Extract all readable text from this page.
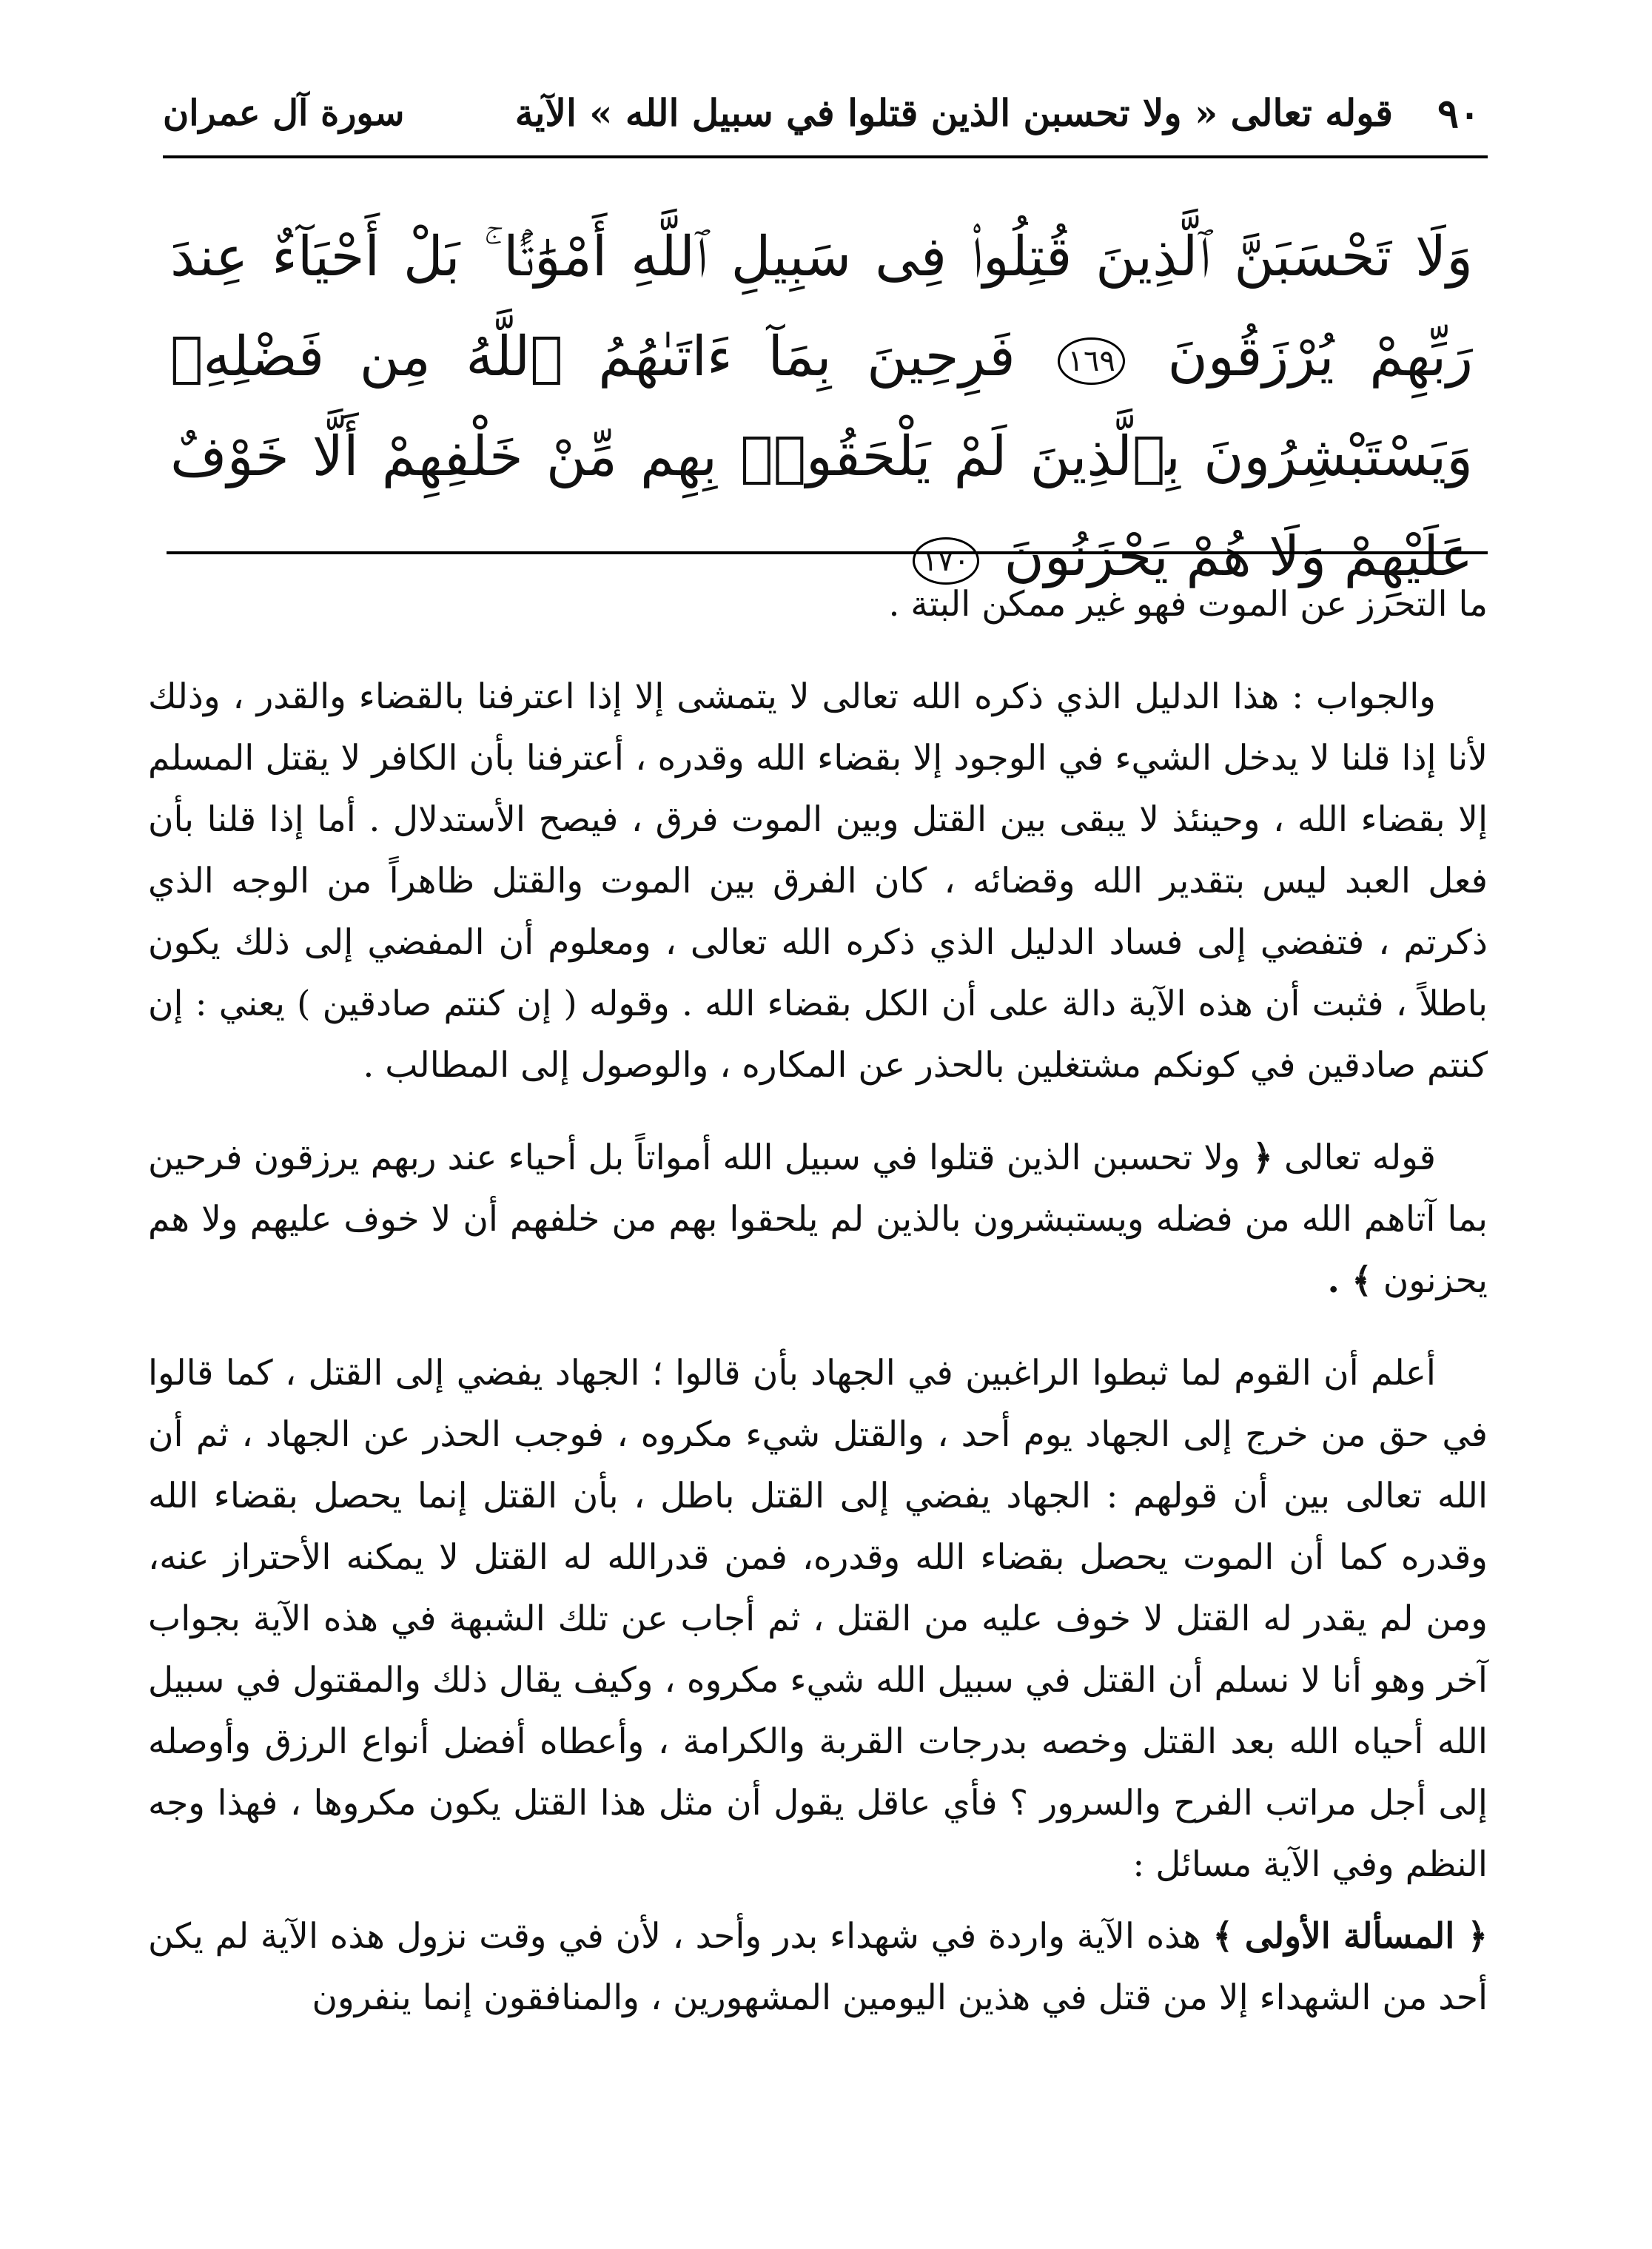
٩٠
قوله تعالى « ولا تحسبن الذين قتلوا في سبيل الله » الآية
سورة آل عمران
وَلَا تَحْسَبَنَّ ٱلَّذِينَ قُتِلُوا۟ فِى سَبِيلِ ٱللَّهِ أَمْوَٰتًۢا ۚ بَلْ أَحْيَآءٌ عِندَ رَبِّهِمْ يُرْزَقُونَ ١٦٩ فَرِحِينَ بِمَآ ءَاتَىٰهُمُ ٱللَّهُ مِن فَضْلِهِۦ وَيَسْتَبْشِرُونَ بِٱلَّذِينَ لَمْ يَلْحَقُوا۟ بِهِم مِّنْ خَلْفِهِمْ أَلَّا خَوْفٌ عَلَيْهِمْ وَلَا هُمْ يَحْزَنُونَ ١٧٠

ما التحرز عن الموت فهو غير ممكن البتة .

والجواب : هذا الدليل الذي ذكره الله تعالى لا يتمشى إلا إذا اعترفنا بالقضاء والقدر ، وذلك لأنا إذا قلنا لا يدخل الشيء في الوجود إلا بقضاء الله وقدره ، أعترفنا بأن الكافر لا يقتل المسلم إلا بقضاء الله ، وحينئذ لا يبقى بين القتل وبين الموت فرق ، فيصح الأستدلال . أما إذا قلنا بأن فعل العبد ليس بتقدير الله وقضائه ، كان الفرق بين الموت والقتل ظاهراً من الوجه الذي ذكرتم ، فتفضي إلى فساد الدليل الذي ذكره الله تعالى ، ومعلوم أن المفضي إلى ذلك يكون باطلاً ، فثبت أن هذه الآية دالة على أن الكل بقضاء الله . وقوله ( إن كنتم صادقين ) يعني : إن كنتم صادقين في كونكم مشتغلين بالحذر عن المكاره ، والوصول إلى المطالب .

قوله تعالى ﴿ ولا تحسبن الذين قتلوا في سبيل الله أمواتاً بل أحياء عند ربهم يرزقون فرحين بما آتاهم الله من فضله ويستبشرون بالذين لم يلحقوا بهم من خلفهم أن لا خوف عليهم ولا هم يحزنون ﴾ .

أعلم أن القوم لما ثبطوا الراغبين في الجهاد بأن قالوا ؛ الجهاد يفضي إلى القتل ، كما قالوا في حق من خرج إلى الجهاد يوم أحد ، والقتل شيء مكروه ، فوجب الحذر عن الجهاد ، ثم أن الله تعالى بين أن قولهم : الجهاد يفضي إلى القتل باطل ، بأن القتل إنما يحصل بقضاء الله وقدره كما أن الموت يحصل بقضاء الله وقدره، فمن قدرالله له القتل لا يمكنه الأحتراز عنه، ومن لم يقدر له القتل لا خوف عليه من القتل ، ثم أجاب عن تلك الشبهة في هذه الآية بجواب آخر وهو أنا لا نسلم أن القتل في سبيل الله شيء مكروه ، وكيف يقال ذلك والمقتول في سبيل الله أحياه الله بعد القتل وخصه بدرجات القربة والكرامة ، وأعطاه أفضل أنواع الرزق وأوصله إلى أجل مراتب الفرح والسرور ؟ فأي عاقل يقول أن مثل هذا القتل يكون مكروها ، فهذا وجه النظم وفي الآية مسائل :

﴿ المسألة الأولى ﴾ هذه الآية واردة في شهداء بدر وأحد ، لأن في وقت نزول هذه الآية لم يكن أحد من الشهداء إلا من قتل في هذين اليومين المشهورين ، والمنافقون إنما ينفرون
